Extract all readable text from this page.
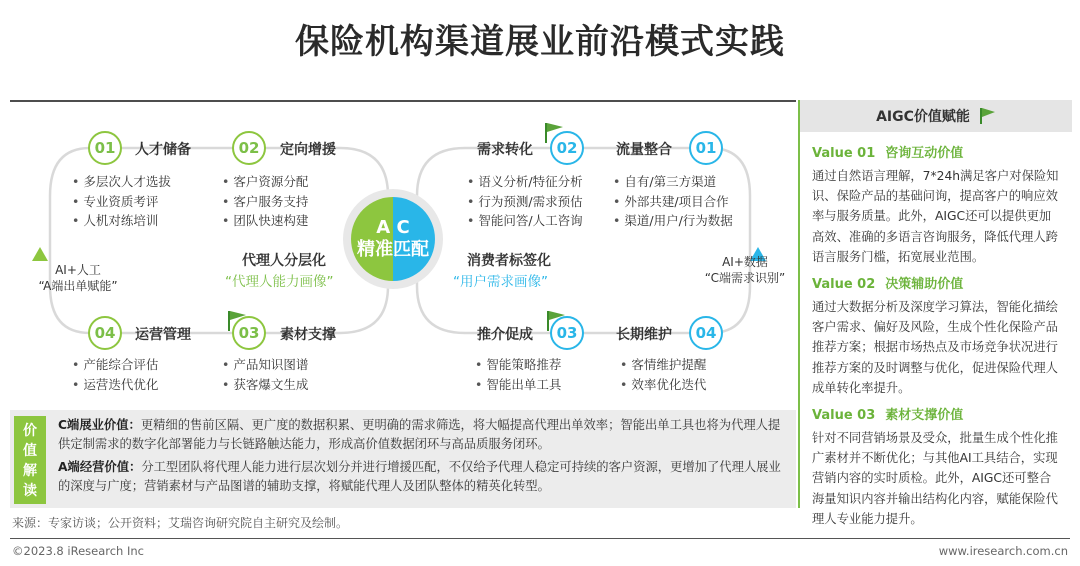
保险机构渠道展业前沿模式实践
A C
精准匹配
01	人才储备
• 多层次人才选拔
• 专业资质考评
• 人机对练培训
02	定向增援
• 客户资源分配
• 客户服务支持
• 团队快速构建
代理人分层化
“代理人能力画像”
AI+人工
“A端出单赋能”
04	运营管理
• 产能综合评估
• 运营迭代优化
03	素材支撑
• 产品知识图谱
• 获客爆文生成
需求转化	02
• 语义分析/特征分析
• 行为预测/需求预估
• 智能问答/人工咨询
流量整合	01
• 自有/第三方渠道
• 外部共建/项目合作
• 渠道/用户/行为数据
消费者标签化
“用户需求画像”
AI+数据
“C端需求识别”
推介促成	03
• 智能策略推荐
• 智能出单工具
长期维护	04
• 客情维护提醒
• 效率优化迭代
价
值
解
读
C端展业价值：更精细的售前区隔、更广度的数据积累、更明确的需求筛选，将大幅提高代理出单效率；智能出单工具也将为代理人提供定制需求的数字化部署能力与长链路触达能力，形成高价值数据闭环与高品质服务闭环。
A端经营价值：分工型团队将代理人能力进行层次划分并进行增援匹配，不仅给予代理人稳定可持续的客户资源，更增加了代理人展业的深度与广度；营销素材与产品图谱的辅助支撑，将赋能代理人及团队整体的精英化转型。
AIGC价值赋能
Value 01 咨询互动价值
通过自然语言理解，7*24h满足客户对保险知识、保险产品的基础问询，提高客户的响应效率与服务质量。此外，AIGC还可以提供更加高效、准确的多语言咨询服务，降低代理人跨语言服务门槛，拓宽展业范围。
Value 02 决策辅助价值
通过大数据分析及深度学习算法，智能化描绘客户需求、偏好及风险，生成个性化保险产品推荐方案；根据市场热点及市场竞争状况进行推荐方案的及时调整与优化，促进保险代理人成单转化率提升。
Value 03 素材支撑价值
针对不同营销场景及受众，批量生成个性化推广素材并不断优化；与其他AI工具结合，实现营销内容的实时质检。此外，AIGC还可整合海量知识内容并输出结构化内容，赋能保险代理人专业能力提升。
来源：专家访谈；公开资料；艾瑞咨询研究院自主研究及绘制。
©2023.8 iResearch Inc	www.iresearch.com.cn
